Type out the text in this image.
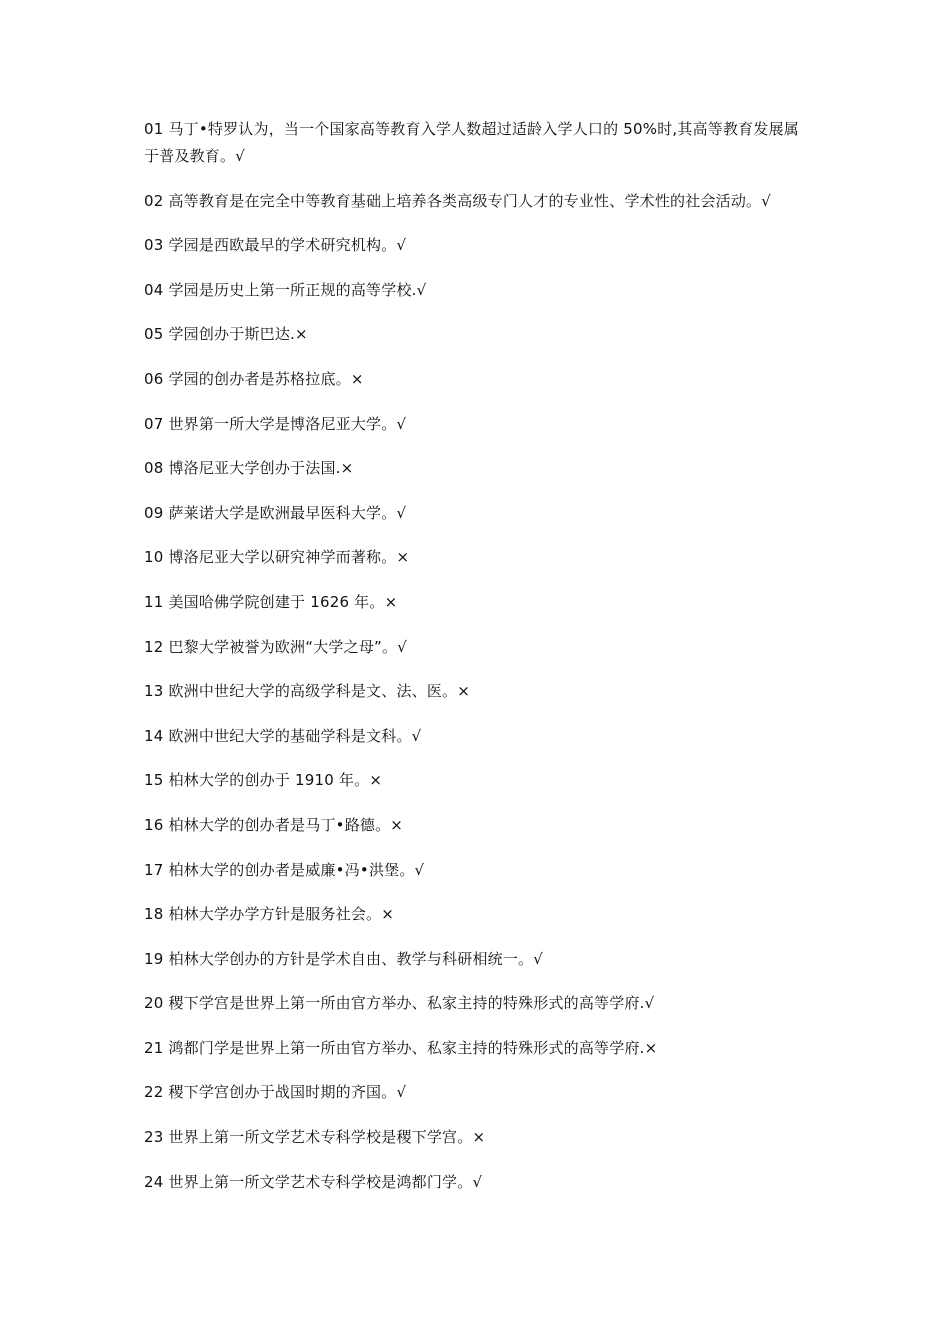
01 马丁•特罗认为，当一个国家高等教育入学人数超过适龄入学人口的 50%时,其高等教育发展属于普及教育。√

02 高等教育是在完全中等教育基础上培养各类高级专门人才的专业性、学术性的社会活动。√

03 学园是西欧最早的学术研究机构。√

04 学园是历史上第一所正规的高等学校.√

05 学园创办于斯巴达.×

06 学园的创办者是苏格拉底。×

07 世界第一所大学是博洛尼亚大学。√

08 博洛尼亚大学创办于法国.×

09 萨莱诺大学是欧洲最早医科大学。√

10 博洛尼亚大学以研究神学而著称。×

11 美国哈佛学院创建于 1626 年。×

12 巴黎大学被誉为欧洲“大学之母”。√

13 欧洲中世纪大学的高级学科是文、法、医。×

14 欧洲中世纪大学的基础学科是文科。√

15 柏林大学的创办于 1910 年。×

16 柏林大学的创办者是马丁•路德。×

17 柏林大学的创办者是威廉•冯•洪堡。√

18 柏林大学办学方针是服务社会。×

19 柏林大学创办的方针是学术自由、教学与科研相统一。√

20 稷下学宫是世界上第一所由官方举办、私家主持的特殊形式的高等学府.√

21 鸿都门学是世界上第一所由官方举办、私家主持的特殊形式的高等学府.×

22 稷下学宫创办于战国时期的齐国。√

23 世界上第一所文学艺术专科学校是稷下学宫。×

24 世界上第一所文学艺术专科学校是鸿都门学。√
